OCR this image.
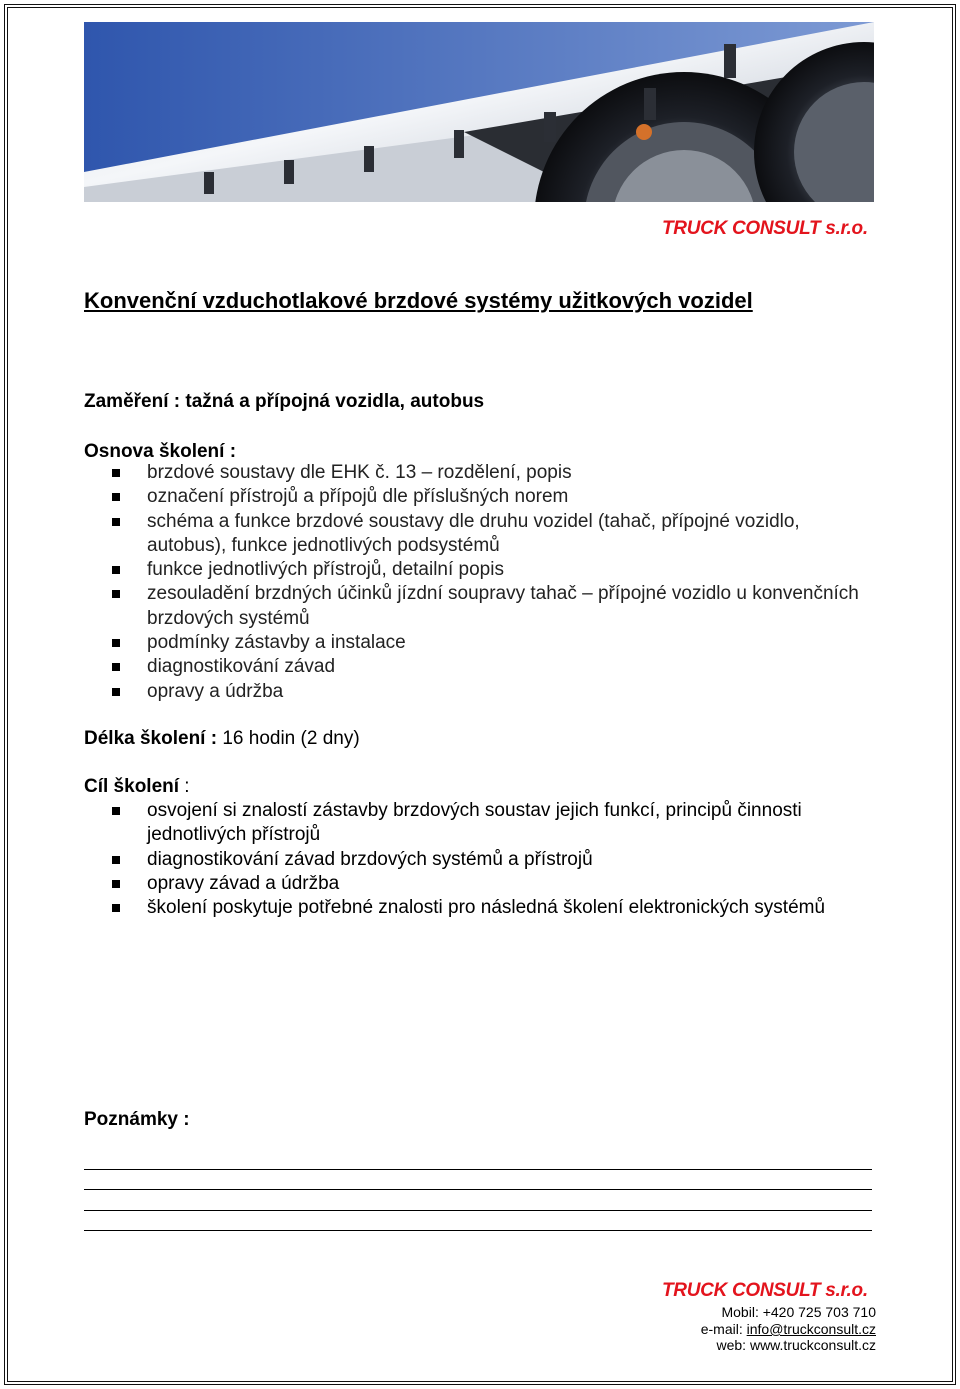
TRUCK CONSULT s.r.o.
Konvenční vzduchotlakové brzdové systémy užitkových vozidel
Zaměření : tažná a přípojná vozidla, autobus
Osnova školení :
brzdové soustavy dle EHK č. 13 – rozdělení, popis
označení přístrojů a přípojů dle příslušných norem
schéma a funkce brzdové soustavy dle druhu vozidel (tahač, přípojné vozidlo, autobus), funkce jednotlivých podsystémů
funkce jednotlivých přístrojů, detailní popis
zesouladění brzdných účinků jízdní soupravy tahač – přípojné vozidlo u konvenčních brzdových systémů
podmínky zástavby a instalace
diagnostikování závad
opravy a údržba
Délka školení : 16 hodin (2 dny)
Cíl školení :
osvojení si znalostí zástavby brzdových soustav jejich funkcí, principů činnosti jednotlivých přístrojů
diagnostikování závad brzdových systémů a přístrojů
opravy závad a údržba
školení poskytuje potřebné znalosti pro následná školení elektronických systémů
Poznámky :
TRUCK CONSULT s.r.o.
Mobil: +420 725 703 710
e-mail: info@truckconsult.cz
web: www.truckconsult.cz
